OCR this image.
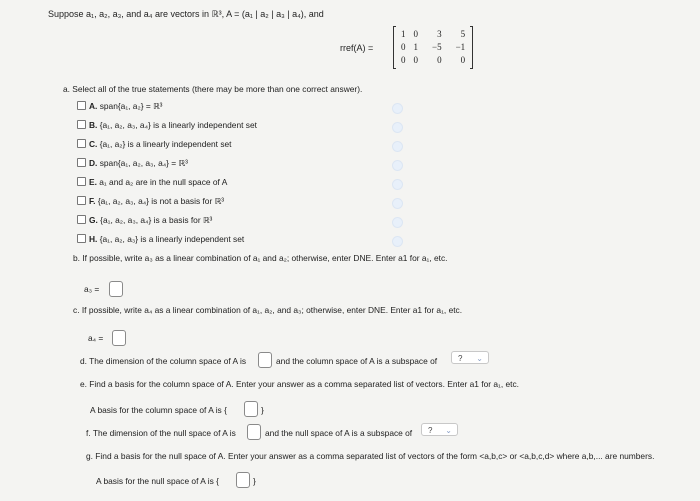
Suppose a₁, a₂, a₃, and a₄ are vectors in ℝ³, A = (a₁ | a₂ | a₃ | a₄), and
rref(A) =
1	0	3	5
0	1	−5	−1
0	0	0	0
a. Select all of the true statements (there may be more than one correct answer).
A. span{a₁, a₂} = ℝ³
B. {a₁, a₂, a₃, a₄} is a linearly independent set
C. {a₁, a₂} is a linearly independent set
D. span{a₁, a₂, a₃, a₄} = ℝ³
E. a₁ and a₂ are in the null space of A
F. {a₁, a₂, a₃, a₄} is not a basis for ℝ³
G. {a₁, a₂, a₃, a₄} is a basis for ℝ³
H. {a₁, a₂, a₃} is a linearly independent set
b. If possible, write a₃ as a linear combination of a₁ and a₂; otherwise, enter DNE. Enter a1 for a₁, etc.
a₃ =
c. If possible, write a₄ as a linear combination of a₁, a₂, and a₃; otherwise, enter DNE. Enter a1 for a₁, etc.
a₄ =
d. The dimension of the column space of A is	and the column space of A is a subspace of	? ⌄
e. Find a basis for the column space of A. Enter your answer as a comma separated list of vectors. Enter a1 for a₁, etc.
A basis for the column space of A is {	}
f. The dimension of the null space of A is	and the null space of A is a subspace of	? ⌄
g. Find a basis for the null space of A. Enter your answer as a comma separated list of vectors of the form <a,b,c> or <a,b,c,d> where a,b,... are numbers.
A basis for the null space of A is {	}
